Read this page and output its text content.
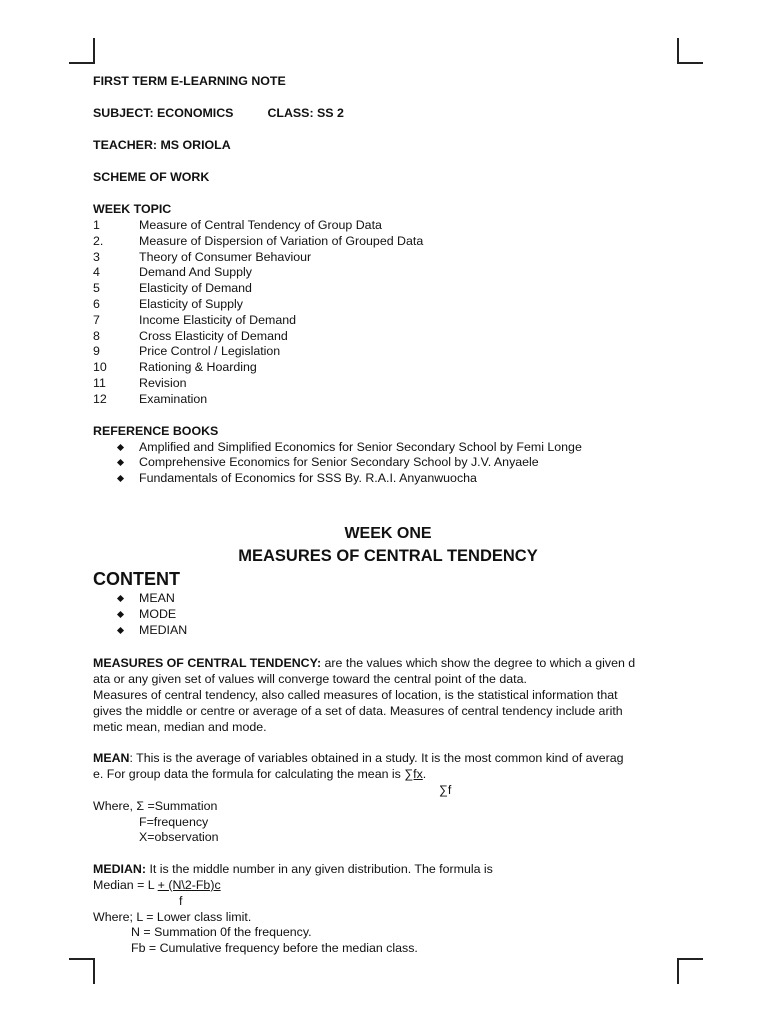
FIRST TERM E-LEARNING NOTE

SUBJECT: ECONOMICS	CLASS: SS 2

TEACHER: MS ORIOLA

SCHEME OF WORK

WEEK TOPIC

1	Measure of Central Tendency of Group Data
2.	Measure of Dispersion of Variation of Grouped Data
3	Theory of Consumer Behaviour
4	Demand And Supply
5	Elasticity of Demand
6	Elasticity of Supply
7	Income Elasticity of Demand
8	Cross Elasticity of Demand
9	Price Control / Legislation
10	Rationing & Hoarding
11	Revision
12	Examination

REFERENCE BOOKS

Amplified and Simplified Economics for Senior Secondary School by Femi Longe
Comprehensive Economics for Senior Secondary School by J.V. Anyaele
Fundamentals of Economics for SSS By. R.A.I. Anyanwuocha

WEEK ONE

MEASURES OF CENTRAL TENDENCY

CONTENT

MEAN
MODE
MEDIAN

MEASURES OF CENTRAL TENDENCY: are the values which show the degree to which a given d

ata or any given set of values will converge toward the central point of the data.

Measures of central tendency, also called measures of location, is the statistical information that

gives the middle or centre or average of a set of data. Measures of central tendency include arith

metic mean, median and mode.

MEAN: This is the average of variables obtained in a study. It is the most common kind of averag

e. For group data the formula for calculating the mean is ∑fx.

∑f

Where, Σ =Summation

F=frequency

X=observation

MEDIAN: It is the middle number in any given distribution. The formula is

Median = L + (N\2-Fb)c

f

Where; L = Lower class limit.

N = Summation 0f the frequency.

Fb = Cumulative frequency before the median class.
